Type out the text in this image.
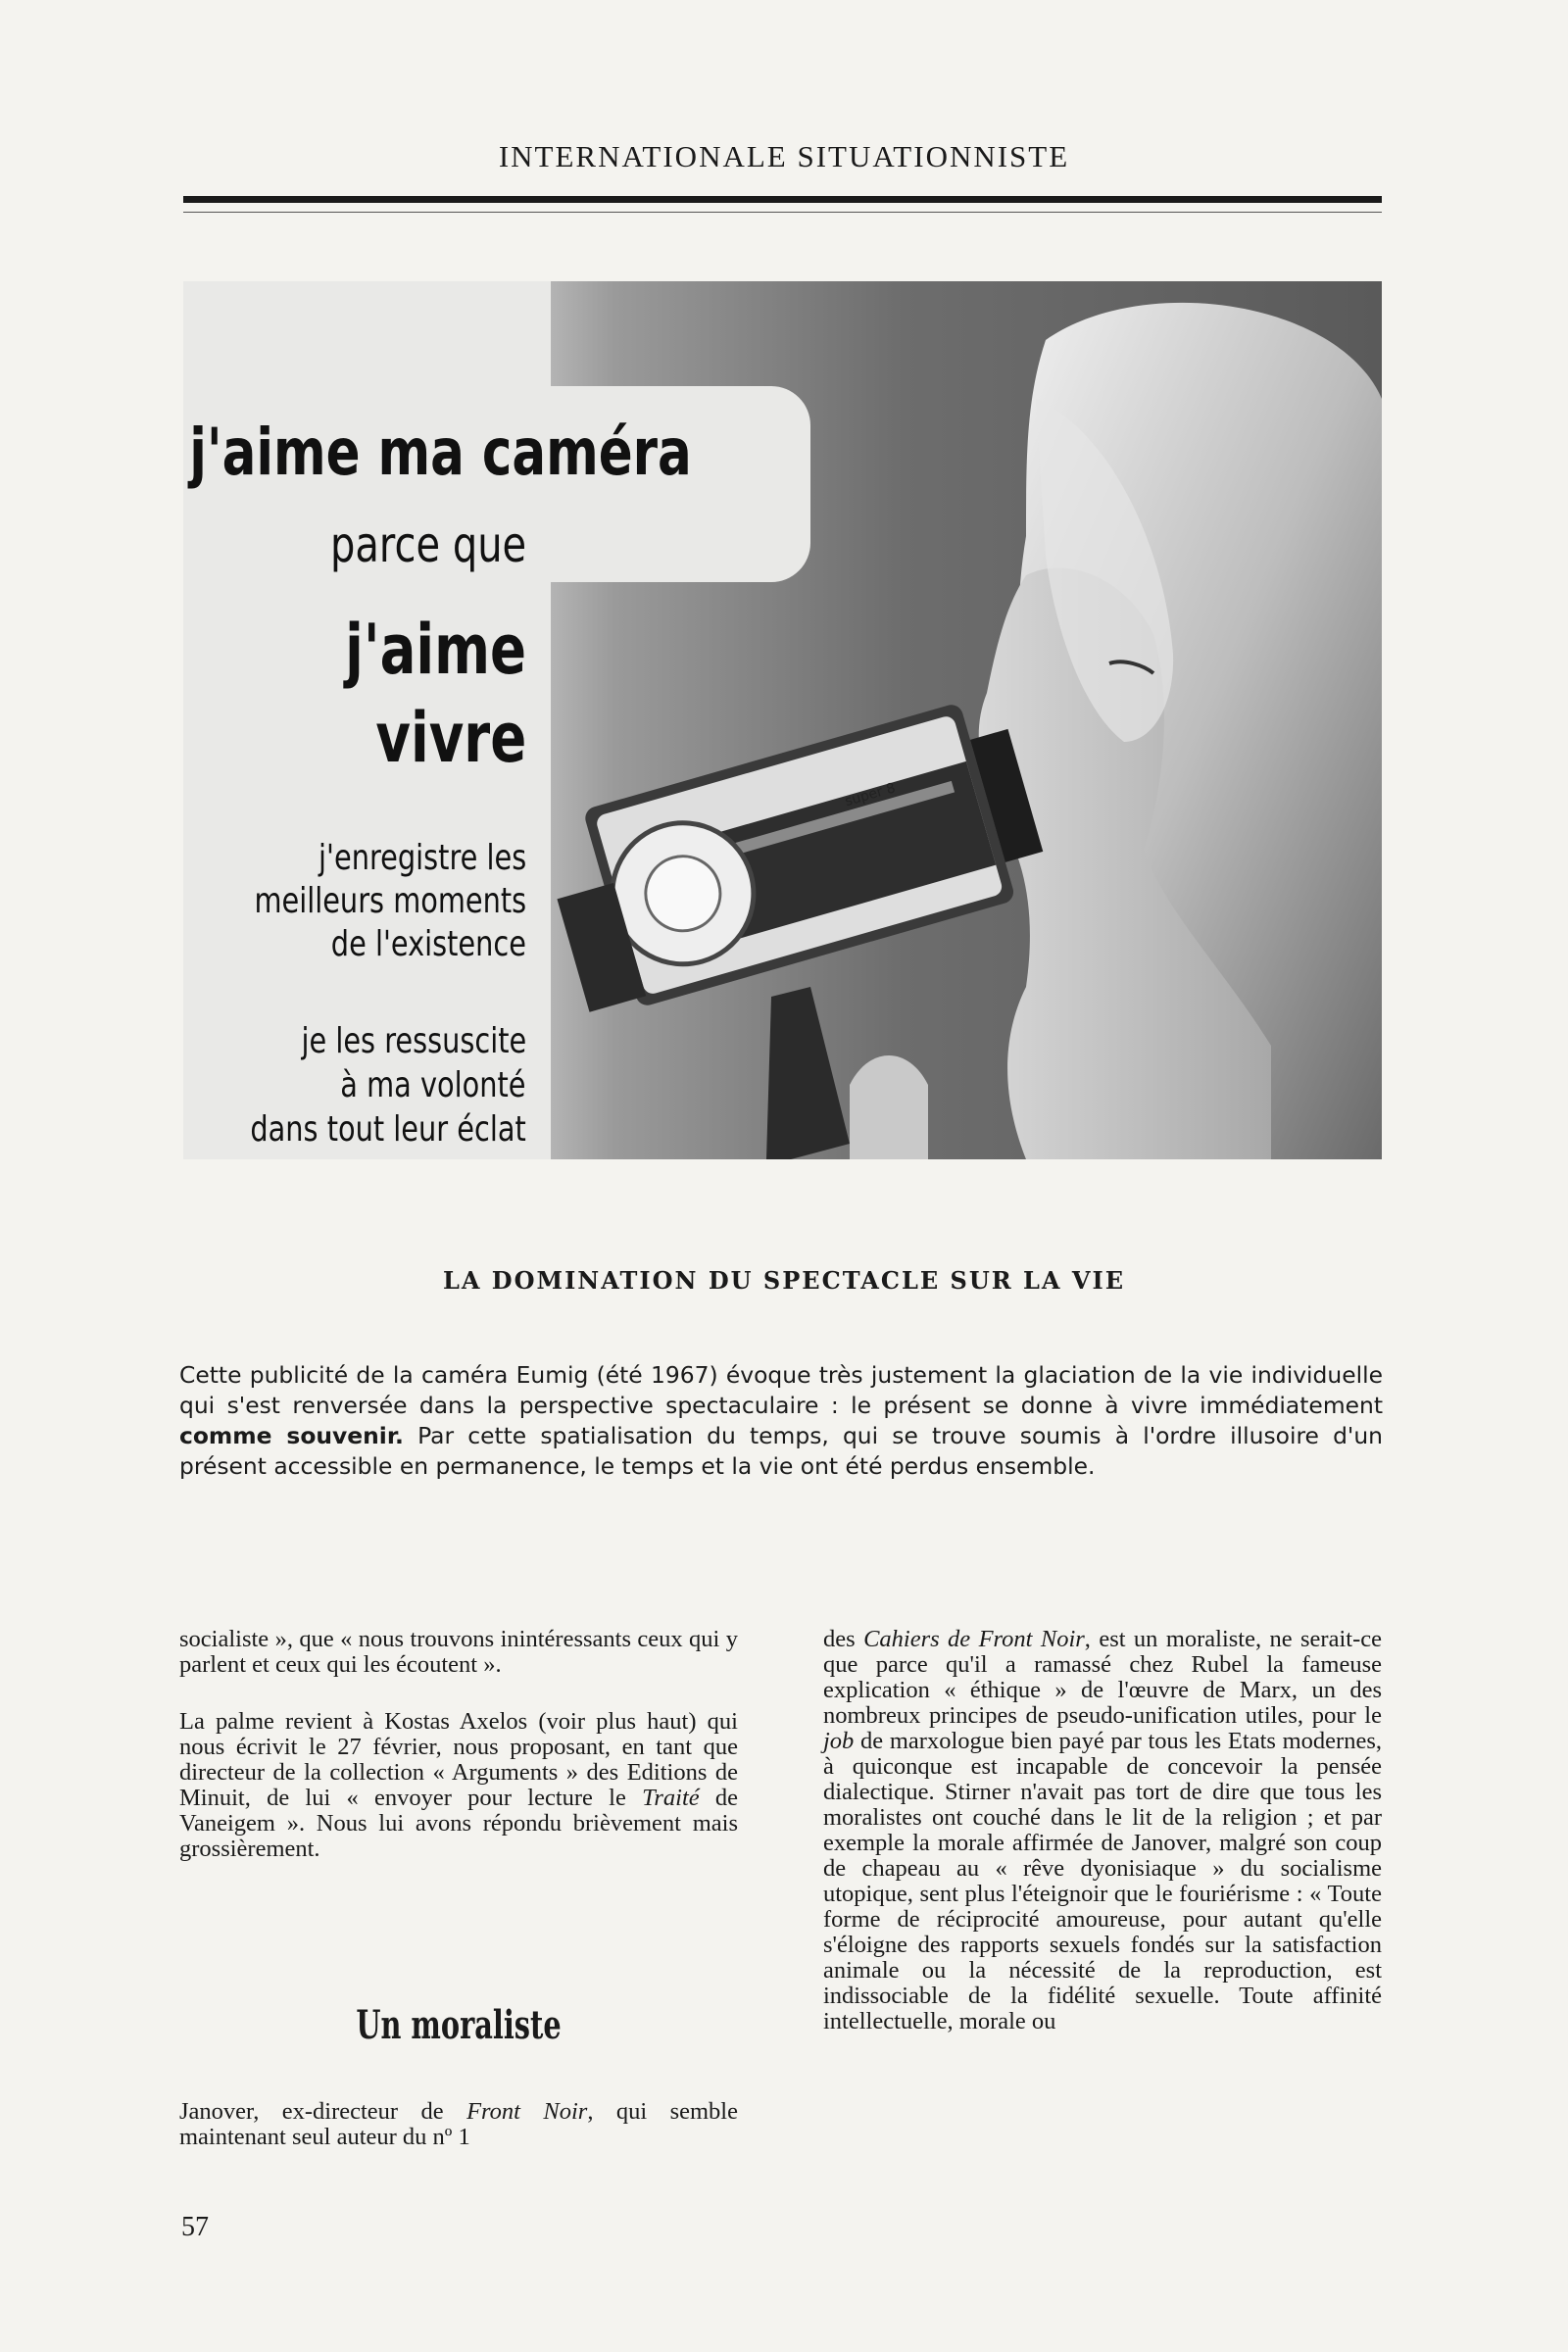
INTERNATIONALE SITUATIONNISTE
super 8
j'aime ma caméra
parce que
j'aime
vivre
j'enregistre les
meilleurs moments
de l'existence
je les ressuscite
à ma volonté
dans tout leur éclat
LA DOMINATION DU SPECTACLE SUR LA VIE
Cette publicité de la caméra Eumig (été 1967) évoque très justement la glaciation de la vie individuelle qui s'est renversée dans la perspective spectaculaire : le présent se donne à vivre immédiatement comme souvenir. Par cette spatialisation du temps, qui se trouve soumis à l'ordre illusoire d'un présent accessible en permanence, le temps et la vie ont été perdus ensemble.

socialiste », que « nous trouvons inintéressants ceux qui y parlent et ceux qui les écoutent ».

La palme revient à Kostas Axelos (voir plus haut) qui nous écrivit le 27 février, nous proposant, en tant que directeur de la collection « Arguments » des Editions de Minuit, de lui « envoyer pour lecture le Traité de Vaneigem ». Nous lui avons répondu brièvement mais grossièrement.

Un moraliste

Janover, ex-directeur de Front Noir, qui semble maintenant seul auteur du nº 1

des Cahiers de Front Noir, est un moraliste, ne serait-ce que parce qu'il a ramassé chez Rubel la fameuse explication « éthique » de l'œuvre de Marx, un des nombreux principes de pseudo-unification utiles, pour le job de marxologue bien payé par tous les Etats modernes, à quiconque est incapable de concevoir la pensée dialectique. Stirner n'avait pas tort de dire que tous les moralistes ont couché dans le lit de la religion ; et par exemple la morale affirmée de Janover, malgré son coup de chapeau au « rêve dyonisiaque » du socialisme utopique, sent plus l'éteignoir que le fouriérisme : « Toute forme de réciprocité amoureuse, pour autant qu'elle s'éloigne des rapports sexuels fondés sur la satisfaction animale ou la nécessité de la reproduction, est indissociable de la fidélité sexuelle. Toute affinité intellectuelle, morale ou

57
